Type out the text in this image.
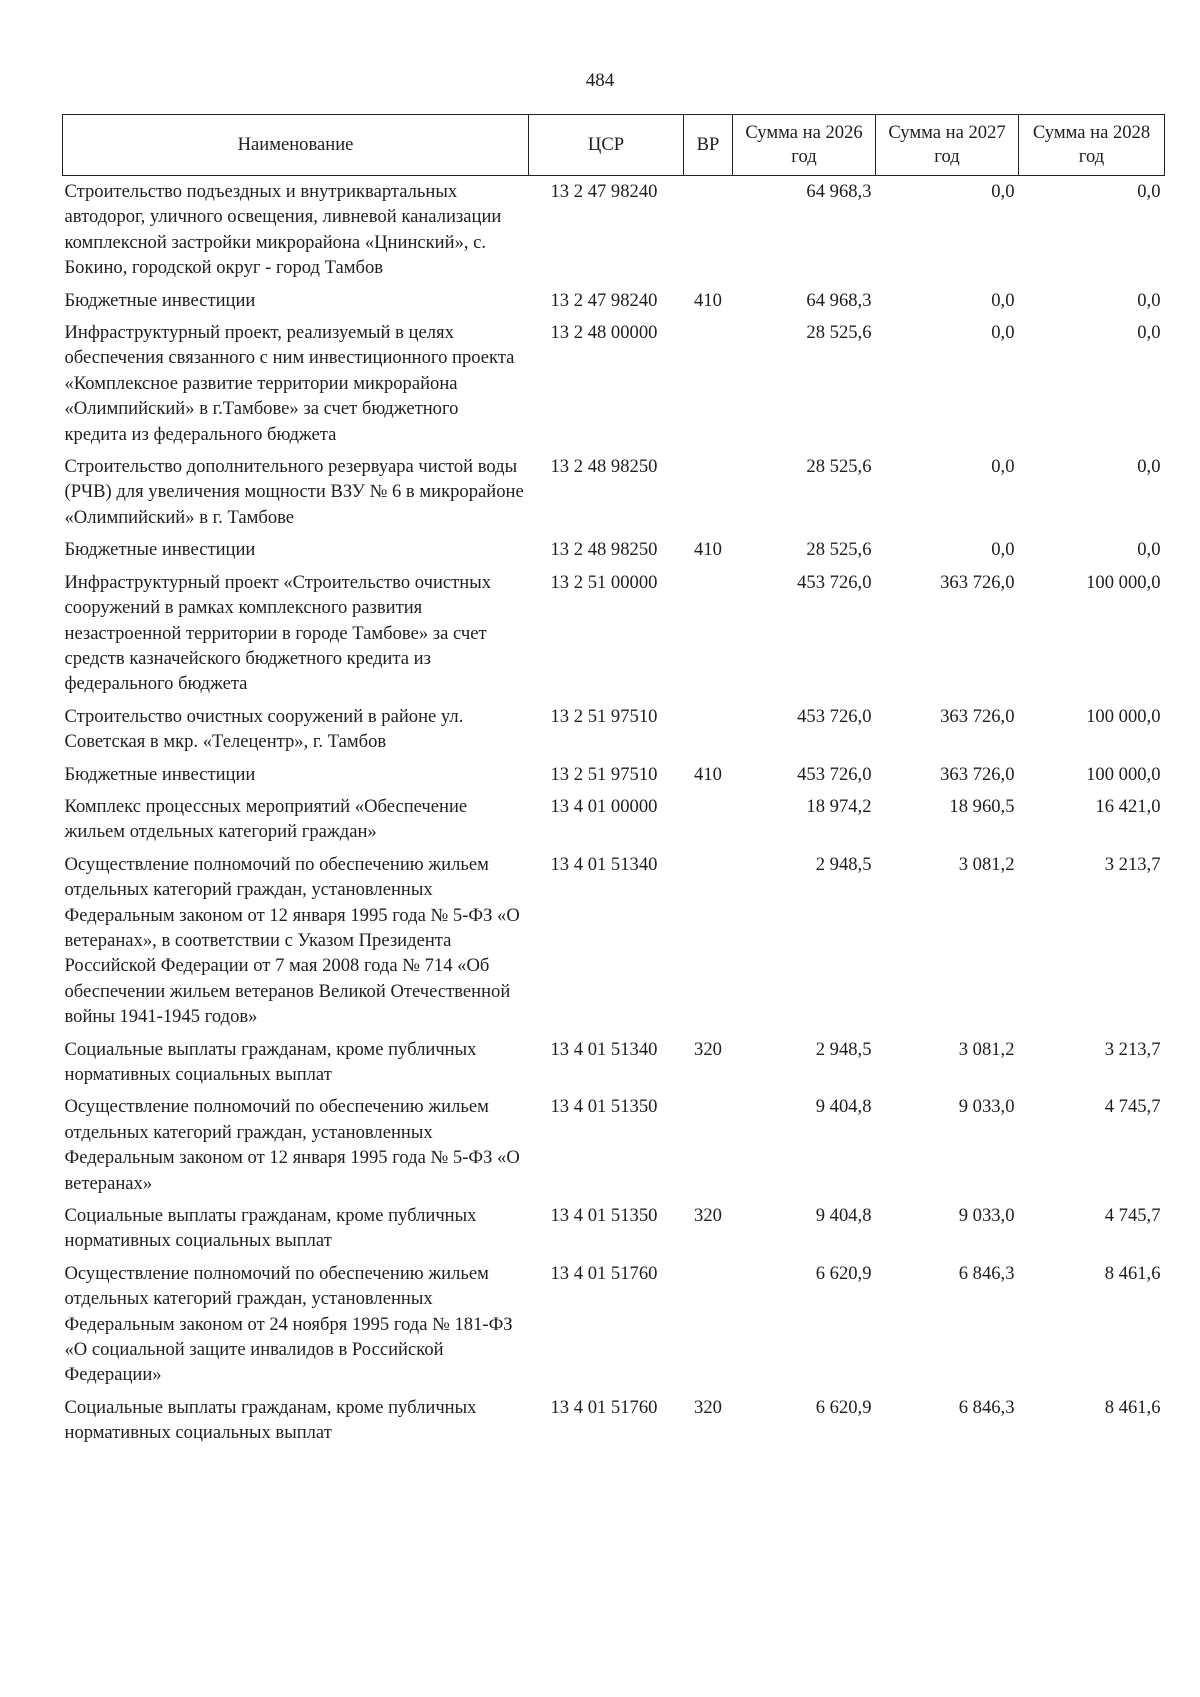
484
Наименование	ЦСР	ВР	Сумма на 2026 год	Сумма на 2027 год	Сумма на 2028 год
Строительство подъездных и внутриквартальных автодорог, уличного освещения, ливневой канализации комплексной застройки микрорайона «Цнинский», с. Бокино, городской округ - город Тамбов	13 2 47 98240		64 968,3	0,0	0,0
Бюджетные инвестиции	13 2 47 98240	410	64 968,3	0,0	0,0
Инфраструктурный проект, реализуемый в целях обеспечения связанного с ним инвестиционного проекта «Комплексное развитие территории микрорайона «Олимпийский» в г.Тамбове» за счет бюджетного кредита из федерального бюджета	13 2 48 00000		28 525,6	0,0	0,0
Строительство дополнительного резервуара чистой воды (РЧВ) для увеличения мощности ВЗУ № 6 в микрорайоне «Олимпийский» в г. Тамбове	13 2 48 98250		28 525,6	0,0	0,0
Бюджетные инвестиции	13 2 48 98250	410	28 525,6	0,0	0,0
Инфраструктурный проект «Строительство очистных сооружений в рамках комплексного развития незастроенной территории в городе Тамбове» за счет средств казначейского бюджетного кредита из федерального бюджета	13 2 51 00000		453 726,0	363 726,0	100 000,0
Строительство очистных сооружений в районе ул. Советская в мкр. «Телецентр», г. Тамбов	13 2 51 97510		453 726,0	363 726,0	100 000,0
Бюджетные инвестиции	13 2 51 97510	410	453 726,0	363 726,0	100 000,0
Комплекс процессных мероприятий «Обеспечение жильем отдельных категорий граждан»	13 4 01 00000		18 974,2	18 960,5	16 421,0
Осуществление полномочий по обеспечению жильем отдельных категорий граждан, установленных Федеральным законом от 12 января 1995 года № 5-ФЗ «О ветеранах», в соответствии с Указом Президента Российской Федерации от 7 мая 2008 года № 714 «Об обеспечении жильем ветеранов Великой Отечественной войны 1941-1945 годов»	13 4 01 51340		2 948,5	3 081,2	3 213,7
Социальные выплаты гражданам, кроме публичных нормативных социальных выплат	13 4 01 51340	320	2 948,5	3 081,2	3 213,7
Осуществление полномочий по обеспечению жильем отдельных категорий граждан, установленных Федеральным законом от 12 января 1995 года № 5-ФЗ «О ветеранах»	13 4 01 51350		9 404,8	9 033,0	4 745,7
Социальные выплаты гражданам, кроме публичных нормативных социальных выплат	13 4 01 51350	320	9 404,8	9 033,0	4 745,7
Осуществление полномочий по обеспечению жильем отдельных категорий граждан, установленных Федеральным законом от 24 ноября 1995 года № 181-ФЗ «О социальной защите инвалидов в Российской Федерации»	13 4 01 51760		6 620,9	6 846,3	8 461,6
Социальные выплаты гражданам, кроме публичных нормативных социальных выплат	13 4 01 51760	320	6 620,9	6 846,3	8 461,6
